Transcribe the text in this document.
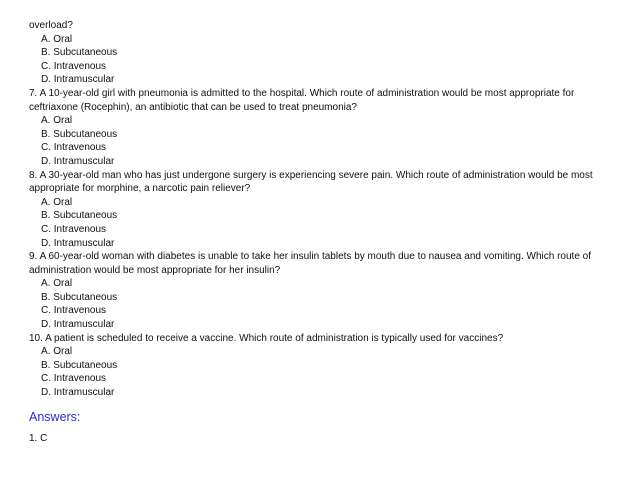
overload?
A. Oral
B. Subcutaneous
C. Intravenous
D. Intramuscular
7. A 10-year-old girl with pneumonia is admitted to the hospital. Which route of administration would be most appropriate for ceftriaxone (Rocephin), an antibiotic that can be used to treat pneumonia?
A. Oral
B. Subcutaneous
C. Intravenous
D. Intramuscular
8. A 30-year-old man who has just undergone surgery is experiencing severe pain. Which route of administration would be most appropriate for morphine, a narcotic pain reliever?
A. Oral
B. Subcutaneous
C. Intravenous
D. Intramuscular
9. A 60-year-old woman with diabetes is unable to take her insulin tablets by mouth due to nausea and vomiting. Which route of administration would be most appropriate for her insulin?
A. Oral
B. Subcutaneous
C. Intravenous
D. Intramuscular
10. A patient is scheduled to receive a vaccine. Which route of administration is typically used for vaccines?
A. Oral
B. Subcutaneous
C. Intravenous
D. Intramuscular
Answers:
1. C
